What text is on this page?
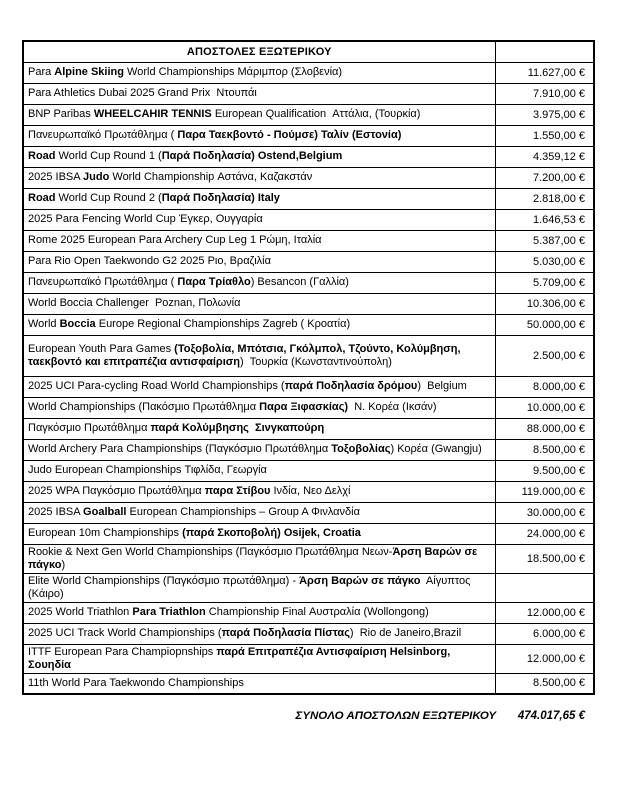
ΑΠΟΣΤΟΛΕΣ ΕΞΩΤΕΡΙΚΟΥ	
Para Alpine Skiing World Championships Μάριμπορ (Σλοβενία)	11.627,00 €
Para Athletics Dubai 2025 Grand Prix  Ντουπάι	7.910,00 €
BNP Paribas WHEELCAHIR TENNIS European Qualification  Αττάλια, (Τουρκία)	3.975,00 €
Πανευρωπαϊκό Πρωτάθλημα ( Παρα Ταεκβοντό - Πούμσε) Ταλίν (Εστονία)	1.550,00 €
Road World Cup Round 1 (Παρά Ποδηλασία) Ostend,Belgium	4.359,12 €
2025 IBSA Judo World Championship Αστάνα, Καζακστάν	7.200,00 €
Road World Cup Round 2 (Παρά Ποδηλασία) Italy	2.818,00 €
2025 Para Fencing World Cup Έγκερ, Ουγγαρία	1.646,53 €
Rome 2025 European Para Archery Cup Leg 1 Ρώμη, Ιταλία	5.387,00 €
Para Rio Open Taekwondo G2 2025 Ριο, Βραζιλία	5.030,00 €
Πανευρωπαϊκό Πρωτάθλημα ( Παρα Τρίαθλο) Besancon (Γαλλία)	5.709,00 €
World Boccia Challenger  Poznan, Πολωνία	10.306,00 €
World Boccia Europe Regional Championships Zagreb ( Κροατία)	50.000,00 €
European Youth Para Games (Τοξοβολία, Μπότσια, Γκόλμπολ, Τζούντο, Κολύμβηση, ταεκβοντό και επιτραπέζια αντισφαίριση)  Τουρκία (Κωνσταντινούπολη)	2.500,00 €
2025 UCI Para-cycling Road World Championships (παρά Ποδηλασία δρόμου)  Belgium	8.000,00 €
World Championships (Πακόσμιο Πρωτάθλημα Παρα Ξιφασκίας)  Ν. Κορέα (Ικσάν)	10.000,00 €
Παγκόσμιο Πρωτάθλημα παρά Κολύμβησης  Σινγκαπούρη	88.000,00 €
World Archery Para Championships (Παγκόσμιο Πρωτάθλημα Τοξοβολίας) Κορέα (Gwangju)	8.500,00 €
Judo European Championships Τιφλίδα, Γεωργία	9.500,00 €
2025 WPA Παγκόσμιο Πρωτάθλημα παρα Στίβου Ινδία, Νεο Δελχί	119.000,00 €
2025 IBSA Goalball European Championships – Group A Φινλανδία	30.000,00 €
European 10m Championships (παρά Σκοποβολή) Osijek, Croatia	24.000,00 €
Rookie & Next Gen World Championships (Παγκόσμιο Πρωτάθλημα Νεων-Άρση Βαρών σε πάγκο)	18.500,00 €
Elite World Championships (Παγκόσμιο πρωτάθλημα) - Άρση Βαρών σε πάγκο  Αίγυπτος (Κάιρο)	
2025 World Triathlon Para Triathlon Championship Final Αυστραλία (Wollongong)	12.000,00 €
2025 UCI Track World Championships (παρά Ποδηλασία Πίστας)  Rio de Janeiro,Brazil	6.000,00 €
ITTF European Para Champiopnships παρά Επιτραπέζια Αντισφαίριση Helsinborg, Σουηδία	12.000,00 €
11th World Para Taekwondo Championships	8.500,00 €
ΣΥΝΟΛΟ ΑΠΟΣΤΟΛΩΝ ΕΞΩΤΕΡΙΚΟΥ	474.017,65 €
